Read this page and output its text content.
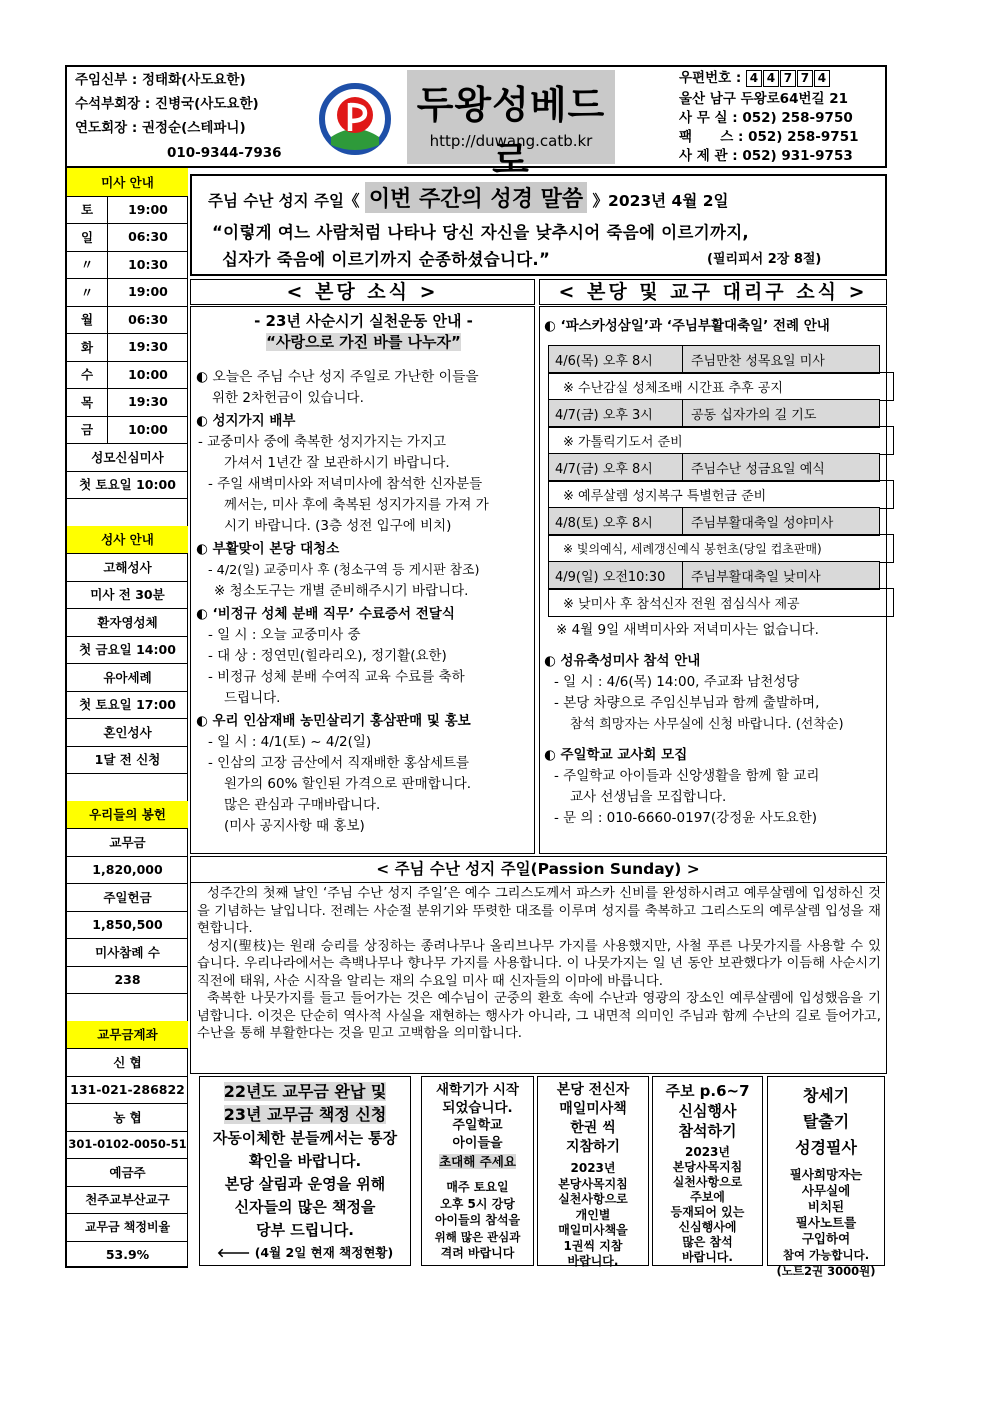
주임신부 : 정태화(사도요한)
수석부회장 : 진병국(사도요한)
연도회장 : 권정순(스테파니)
010-9344-7936
두왕성베드로
http://duwang.catb.kr
우편번호 : 4 4 7 7 4
울산 남구 두왕로64번길 21
사 무 실 : 052) 258-9750
팩      스 : 052) 258-9751
사 제 관 : 052) 931-9753
미사 안내
토	19:00
일	06:30
〃	10:30
〃	19:00
월	06:30
화	19:30
수	10:00
목	19:30
금	10:00
성모신심미사
첫 토요일 10:00
성사 안내
고해성사
미사 전 30분
환자영성체
첫 금요일 14:00
유아세례
첫 토요일 17:00
혼인성사
1달 전 신청
우리들의 봉헌
교무금
1,820,000
주일헌금
1,850,500
미사참례 수
238
교무금계좌
신 협
131-021-286822
농 협
301-0102-0050-51
예금주
천주교부산교구
교무금 책정비율
53.9%
주님 수난 성지 주일《 이번 주간의 성경 말씀 》2023년 4월 2일
“이렇게 여느 사람처럼 나타나 당신 자신을 낮추시어 죽음에 이르기까지,
십자가 죽음에 이르기까지 순종하셨습니다.”	(필리피서 2장 8절)
< 본당 소식 >

- 23년 사순시기 실천운동 안내 -

“사랑으로 가진 바를 나누자”

◐ 오늘은 주님 수난 성지 주일로 가난한 이들을

위한 2차헌금이 있습니다.

◐ 성지가지 배부

- 교중미사 중에 축복한 성지가지는 가지고

가셔서 1년간 잘 보관하시기 바랍니다.

- 주일 새벽미사와 저녁미사에 참석한 신자분들

께서는, 미사 후에 축복된 성지가지를 가져 가

시기 바랍니다. (3층 성전 입구에 비치)

◐ 부활맞이 본당 대청소

- 4/2(일) 교중미사 후 (청소구역 등 게시판 참조)

※ 청소도구는 개별 준비해주시기 바랍니다.

◐ ‘비정규 성체 분배 직무’ 수료증서 전달식

- 일 시 : 오늘 교중미사 중

- 대 상 : 정연민(힐라리오), 정기활(요한)

- 비정규 성체 분배 수여직 교육 수료를 축하

드립니다.

◐ 우리 인삼재배 농민살리기 홍삼판매 및 홍보

- 일 시 : 4/1(토) ~ 4/2(일)

- 인삼의 고장 금산에서 직재배한 홍삼세트를

원가의 60% 할인된 가격으로 판매합니다.

많은 관심과 구매바랍니다.

(미사 공지사항 때 홍보)

< 본당 및 교구 대리구 소식 >
◐ ‘파스카성삼일’과 ‘주님부활대축일’ 전례 안내
4/6(목) 오후 8시	주님만찬 성목요일 미사
※ 수난감실 성체조배 시간표 추후 공지
4/7(금) 오후 3시	공동 십자가의 길 기도
※ 가톨릭기도서 준비
4/7(금) 오후 8시	주님수난 성금요일 예식
※ 예루살렘 성지복구 특별헌금 준비
4/8(토) 오후 8시	주님부활대축일 성야미사
※ 빛의예식, 세례갱신예식 봉헌초(당일 컵초판매)
4/9(일) 오전10:30	주님부활대축일 낮미사
※ 낮미사 후 참석신자 전원 점심식사 제공

※ 4월 9일 새벽미사와 저녁미사는 없습니다.

◐ 성유축성미사 참석 안내

- 일 시 : 4/6(목) 14:00, 주교좌 남천성당

- 본당 차량으로 주임신부님과 함께 출발하며,

참석 희망자는 사무실에 신청 바랍니다. (선착순)

◐ 주일학교 교사회 모집

- 주일학교 아이들과 신앙생활을 함께 할 교리

교사 선생님을 모집합니다.

- 문 의 : 010-6660-0197(강정윤 사도요한)

< 주님 수난 성지 주일(Passion Sunday) >

성주간의 첫째 날인 ‘주님 수난 성지 주일’은 예수 그리스도께서 파스카 신비를 완성하시려고 예루살렘에 입성하신 것을 기념하는 날입니다. 전례는 사순절 분위기와 뚜렷한 대조를 이루며 성지를 축복하고 그리스도의 예루살렘 입성을 재현합니다.

성지(聖枝)는 원래 승리를 상징하는 종려나무나 올리브나무 가지를 사용했지만, 사철 푸른 나뭇가지를 사용할 수 있습니다. 우리나라에서는 측백나무나 향나무 가지를 사용합니다. 이 나뭇가지는 일 년 동안 보관했다가 이듬해 사순시기 직전에 태워, 사순 시작을 알리는 재의 수요일 미사 때 신자들의 이마에 바릅니다.

축복한 나뭇가지를 들고 들어가는 것은 예수님이 군중의 환호 속에 수난과 영광의 장소인 예루살렘에 입성했음을 기념합니다. 이것은 단순히 역사적 사실을 재현하는 행사가 아니라, 그 내면적 의미인 주님과 함께 수난의 길로 들어가고, 수난을 통해 부활한다는 것을 믿고 고백함을 의미합니다.

22년도 교무금 완납 및
23년 교무금 책정 신청
자동이체한 분들께서는 통장
확인을 바랍니다.
본당 살림과 운영을 위해
신자들의 많은 책정을
당부 드립니다.
🡐 (4월 2일 현재 책정현황)
새학기가 시작
되었습니다.
주일학교
아이들을
초대해 주세요
매주 토요일
오후 5시 강당
아이들의 참석을
위해 많은 관심과
격려 바랍니다
본당 전신자
매일미사책
한권 씩
지참하기
2023년
본당사목지침
실천사항으로
개인별
매일미사책을
1권씩 지참
바랍니다.
주보 p.6~7
신심행사
참석하기
2023년
본당사목지침
실천사항으로
주보에
등재되어 있는
신심행사에
많은 참석
바랍니다.
창세기
탈출기
성경필사
필사희망자는
사무실에
비치된
필사노트를
구입하여
참여 가능합니다.
(노트2권 3000원)
